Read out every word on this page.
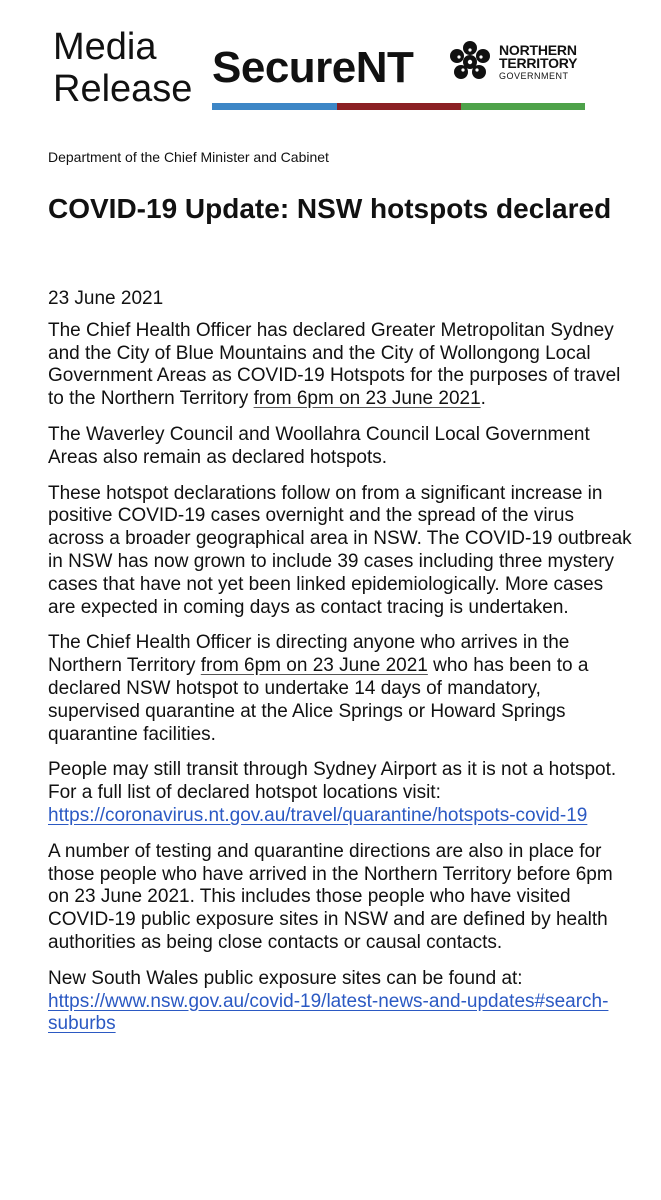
Media
Release SecureNT	NORTHERN
TERRITORY
GOVERNMENT
Department of the Chief Minister and Cabinet
COVID-19 Update: NSW hotspots declared

23 June 2021

The Chief Health Officer has declared Greater Metropolitan Sydney and the City of Blue Mountains and the City of Wollongong Local Government Areas as COVID-19 Hotspots for the purposes of travel to the Northern Territory from 6pm on 23 June 2021.

The Waverley Council and Woollahra Council Local Government Areas also remain as declared hotspots.

These hotspot declarations follow on from a significant increase in positive COVID-19 cases overnight and the spread of the virus across a broader geographical area in NSW. The COVID-19 outbreak in NSW has now grown to include 39 cases including three mystery cases that have not yet been linked epidemiologically. More cases are expected in coming days as contact tracing is undertaken.

The Chief Health Officer is directing anyone who arrives in the Northern Territory from 6pm on 23 June 2021 who has been to a declared NSW hotspot to undertake 14 days of mandatory, supervised quarantine at the Alice Springs or Howard Springs quarantine facilities.

People may still transit through Sydney Airport as it is not a hotspot. For a full list of declared hotspot locations visit: https://coronavirus.nt.gov.au/travel/quarantine/hotspots-covid-19

A number of testing and quarantine directions are also in place for those people who have arrived in the Northern Territory before 6pm on 23 June 2021. This includes those people who have visited COVID-19 public exposure sites in NSW and are defined by health authorities as being close contacts or causal contacts.

New South Wales public exposure sites can be found at: https://www.nsw.gov.au/covid-19/latest-news-and-updates#search-suburbs
